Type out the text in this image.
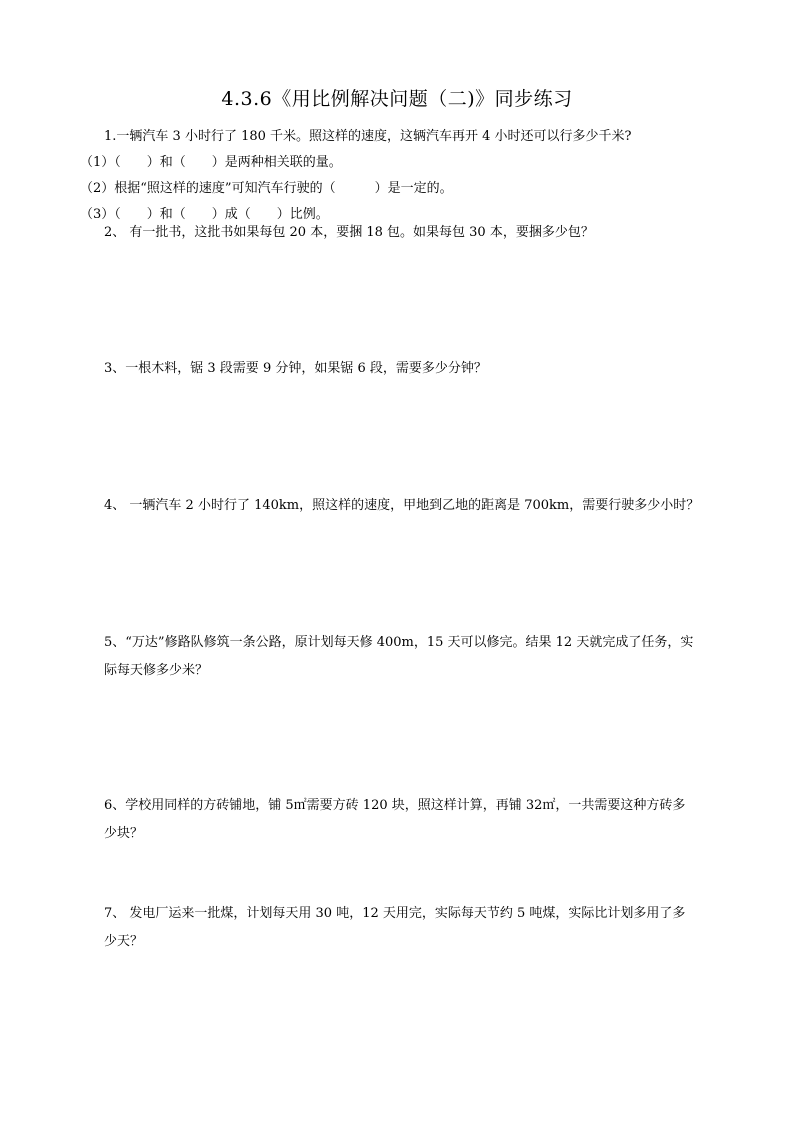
4.3.6《用比例解决问题（二)》同步练习
1.一辆汽车 3 小时行了 180 千米。照这样的速度，这辆汽车再开 4 小时还可以行多少千米?
（1）（　　）和（　　）是两种相关联的量。
（2）根据“照这样的速度”可知汽车行驶的（　　　）是一定的。
（3）（　　）和（　　）成（　　）比例。
2、 有一批书，这批书如果每包 20 本，要捆 18 包。如果每包 30 本，要捆多少包？
3、一根木料，锯 3 段需要 9 分钟，如果锯 6 段，需要多少分钟？
4、 一辆汽车 2 小时行了 140km，照这样的速度，甲地到乙地的距离是 700km，需要行驶多少小时？
5、“万达”修路队修筑一条公路，原计划每天修 400m，15 天可以修完。结果 12 天就完成了任务，实
际每天修多少米？
6、学校用同样的方砖铺地，铺 5㎡需要方砖 120 块，照这样计算，再铺 32㎡，一共需要这种方砖多
少块？
7、 发电厂运来一批煤，计划每天用 30 吨，12 天用完，实际每天节约 5 吨煤，实际比计划多用了多
少天？
